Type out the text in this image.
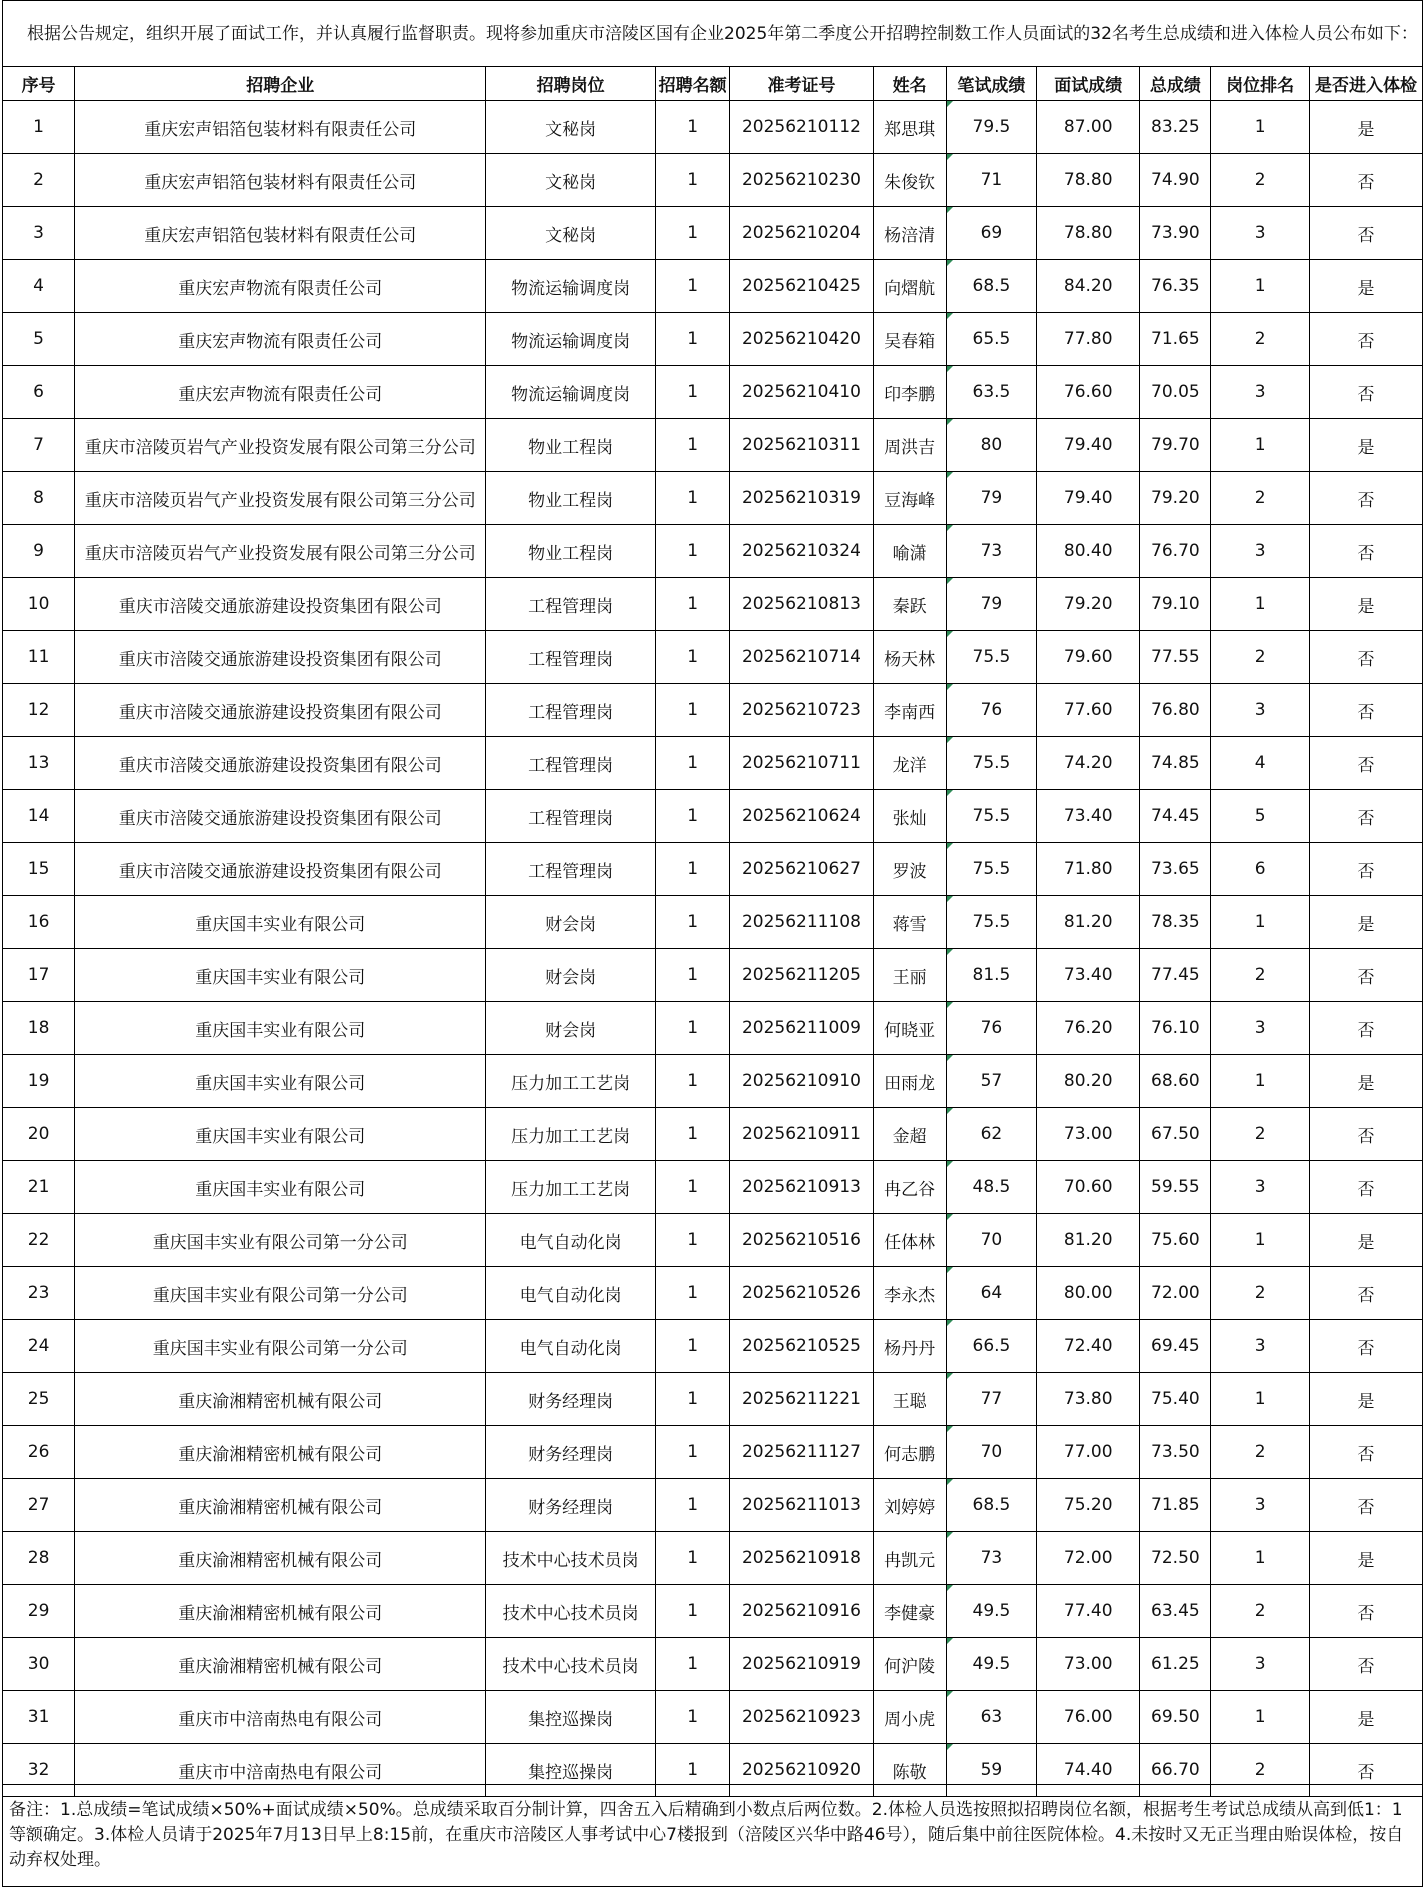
根据公告规定，组织开展了面试工作，并认真履行监督职责。现将参加重庆市涪陵区国有企业2025年第二季度公开招聘控制数工作人员面试的32名考生总成绩和进入体检人员公布如下：
序号	招聘企业	招聘岗位	招聘名额	准考证号	姓名	笔试成绩	面试成绩	总成绩	岗位排名	是否进入体检
1	重庆宏声铝箔包装材料有限责任公司	文秘岗	1	20256210112	郑思琪	79.5	87.00	83.25	1	是
2	重庆宏声铝箔包装材料有限责任公司	文秘岗	1	20256210230	朱俊钦	71	78.80	74.90	2	否
3	重庆宏声铝箔包装材料有限责任公司	文秘岗	1	20256210204	杨涪清	69	78.80	73.90	3	否
4	重庆宏声物流有限责任公司	物流运输调度岗	1	20256210425	向熠航	68.5	84.20	76.35	1	是
5	重庆宏声物流有限责任公司	物流运输调度岗	1	20256210420	吴春箱	65.5	77.80	71.65	2	否
6	重庆宏声物流有限责任公司	物流运输调度岗	1	20256210410	印李鹏	63.5	76.60	70.05	3	否
7	重庆市涪陵页岩气产业投资发展有限公司第三分公司	物业工程岗	1	20256210311	周洪吉	80	79.40	79.70	1	是
8	重庆市涪陵页岩气产业投资发展有限公司第三分公司	物业工程岗	1	20256210319	豆海峰	79	79.40	79.20	2	否
9	重庆市涪陵页岩气产业投资发展有限公司第三分公司	物业工程岗	1	20256210324	喻潇	73	80.40	76.70	3	否
10	重庆市涪陵交通旅游建设投资集团有限公司	工程管理岗	1	20256210813	秦跃	79	79.20	79.10	1	是
11	重庆市涪陵交通旅游建设投资集团有限公司	工程管理岗	1	20256210714	杨天林	75.5	79.60	77.55	2	否
12	重庆市涪陵交通旅游建设投资集团有限公司	工程管理岗	1	20256210723	李南西	76	77.60	76.80	3	否
13	重庆市涪陵交通旅游建设投资集团有限公司	工程管理岗	1	20256210711	龙洋	75.5	74.20	74.85	4	否
14	重庆市涪陵交通旅游建设投资集团有限公司	工程管理岗	1	20256210624	张灿	75.5	73.40	74.45	5	否
15	重庆市涪陵交通旅游建设投资集团有限公司	工程管理岗	1	20256210627	罗波	75.5	71.80	73.65	6	否
16	重庆国丰实业有限公司	财会岗	1	20256211108	蒋雪	75.5	81.20	78.35	1	是
17	重庆国丰实业有限公司	财会岗	1	20256211205	王丽	81.5	73.40	77.45	2	否
18	重庆国丰实业有限公司	财会岗	1	20256211009	何晓亚	76	76.20	76.10	3	否
19	重庆国丰实业有限公司	压力加工工艺岗	1	20256210910	田雨龙	57	80.20	68.60	1	是
20	重庆国丰实业有限公司	压力加工工艺岗	1	20256210911	金超	62	73.00	67.50	2	否
21	重庆国丰实业有限公司	压力加工工艺岗	1	20256210913	冉乙谷	48.5	70.60	59.55	3	否
22	重庆国丰实业有限公司第一分公司	电气自动化岗	1	20256210516	任体林	70	81.20	75.60	1	是
23	重庆国丰实业有限公司第一分公司	电气自动化岗	1	20256210526	李永杰	64	80.00	72.00	2	否
24	重庆国丰实业有限公司第一分公司	电气自动化岗	1	20256210525	杨丹丹	66.5	72.40	69.45	3	否
25	重庆渝湘精密机械有限公司	财务经理岗	1	20256211221	王聪	77	73.80	75.40	1	是
26	重庆渝湘精密机械有限公司	财务经理岗	1	20256211127	何志鹏	70	77.00	73.50	2	否
27	重庆渝湘精密机械有限公司	财务经理岗	1	20256211013	刘婷婷	68.5	75.20	71.85	3	否
28	重庆渝湘精密机械有限公司	技术中心技术员岗	1	20256210918	冉凯元	73	72.00	72.50	1	是
29	重庆渝湘精密机械有限公司	技术中心技术员岗	1	20256210916	李健豪	49.5	77.40	63.45	2	否
30	重庆渝湘精密机械有限公司	技术中心技术员岗	1	20256210919	何沪陵	49.5	73.00	61.25	3	否
31	重庆市中涪南热电有限公司	集控巡操岗	1	20256210923	周小虎	63	76.00	69.50	1	是
32	重庆市中涪南热电有限公司	集控巡操岗	1	20256210920	陈敬	59	74.40	66.70	2	否
备注：1.总成绩=笔试成绩×50%+面试成绩×50%。总成绩采取百分制计算，四舍五入后精确到小数点后两位数。2.体检人员选按照拟招聘岗位名额，根据考生考试总成绩从高到低1：1等额确定。3.体检人员请于2025年7月13日早上8:15前，在重庆市涪陵区人事考试中心7楼报到（涪陵区兴华中路46号），随后集中前往医院体检。4.未按时又无正当理由贻误体检，按自动弃权处理。
